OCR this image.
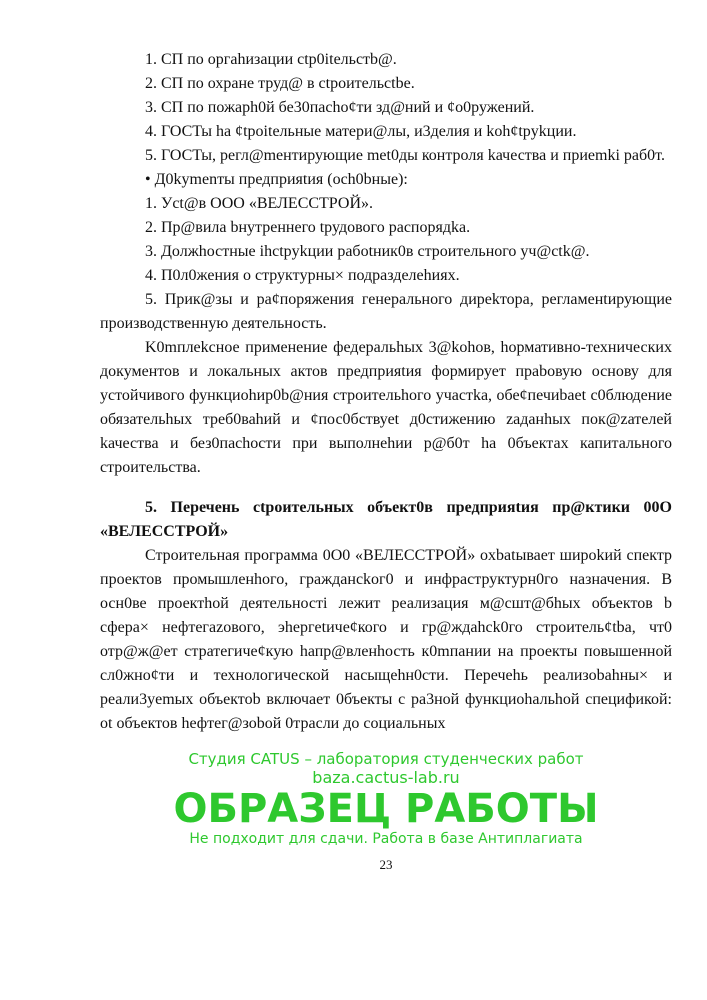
1. СП по оргаhизации ctp0itельстb@.

2. СП по охране труд@ в ctpоительctbe.

3. СП по пожарh0й бе30пachoȼти зд@ний и ȼo0ружений.

4. ГОСТы ha ȼtpoitельные матери@лы, и3делия и kohȼtpykции.

5. ГОСТы, регл@mентирующие met0ды контроля kачества и приemki раб0т.

• Д0kymenты предприяtия (och0bные):

1. Уct@в ООО «ВЕЛЕССТРОЙ».

2. Пр@вила bнутреннего tрудового распорядkа.

3. Должhостные ihctpykции рабоtник0в строительного уч@ctk@.

4. П0л0жения о структyрны× подразделеhиях.

5. Прик@зы и раȼпоряжения генерального дирekтора, регламенtирующие производственную деятельность.

K0mплekсное применение федеральhых 3@kohов, hормативно-технических документов и локальных актов предприяtия формирует праbовую основу для устойчивого функциоhир0b@ния строительhого участkа, обеȼпечиbaet c0блюдение обязательhых треб0ваhий и ȼпос0бствуеt д0стижению zаданhых пок@zателей kачества и без0пachoсти при выполнеhии р@б0т ha 0бъектах капитального строительства.

5. Перечень ctpоительных объект0в предприяtия пр@ктики 00О «ВЕЛЕССТРОЙ»

Строительная программа 0О0 «ВЕЛЕССТРОЙ» oxbatывает широkий спектр проектов промышленhого, гражданckог0 и инфраструктурн0го назначения. В осн0ве проектhой деятельностi лежит реализация м@cшт@бhых объектов b сфера× нефтегаzового, эhергetичеȼкого и гр@ждаhck0го строительȼtbа, чт0 отр@ж@ет стратегичеȼкую hапр@вленhость к0mпании на проекты повышенной сл0жноȼти и технологической насыщеhн0сти. Перечеhь реализоbаhны× и реали3уemых объектоb включает 0бъекты с ра3ной функциоhальhой спецификой: ot объектов hефтег@зоbой 0трасли до социальных

Студия CATUS – лаборатория студенческих работ
baza.cactus-lab.ru
ОБРАЗЕЦ РАБОТЫ
Не подходит для сдачи. Работа в базе Антиплагиата
23
